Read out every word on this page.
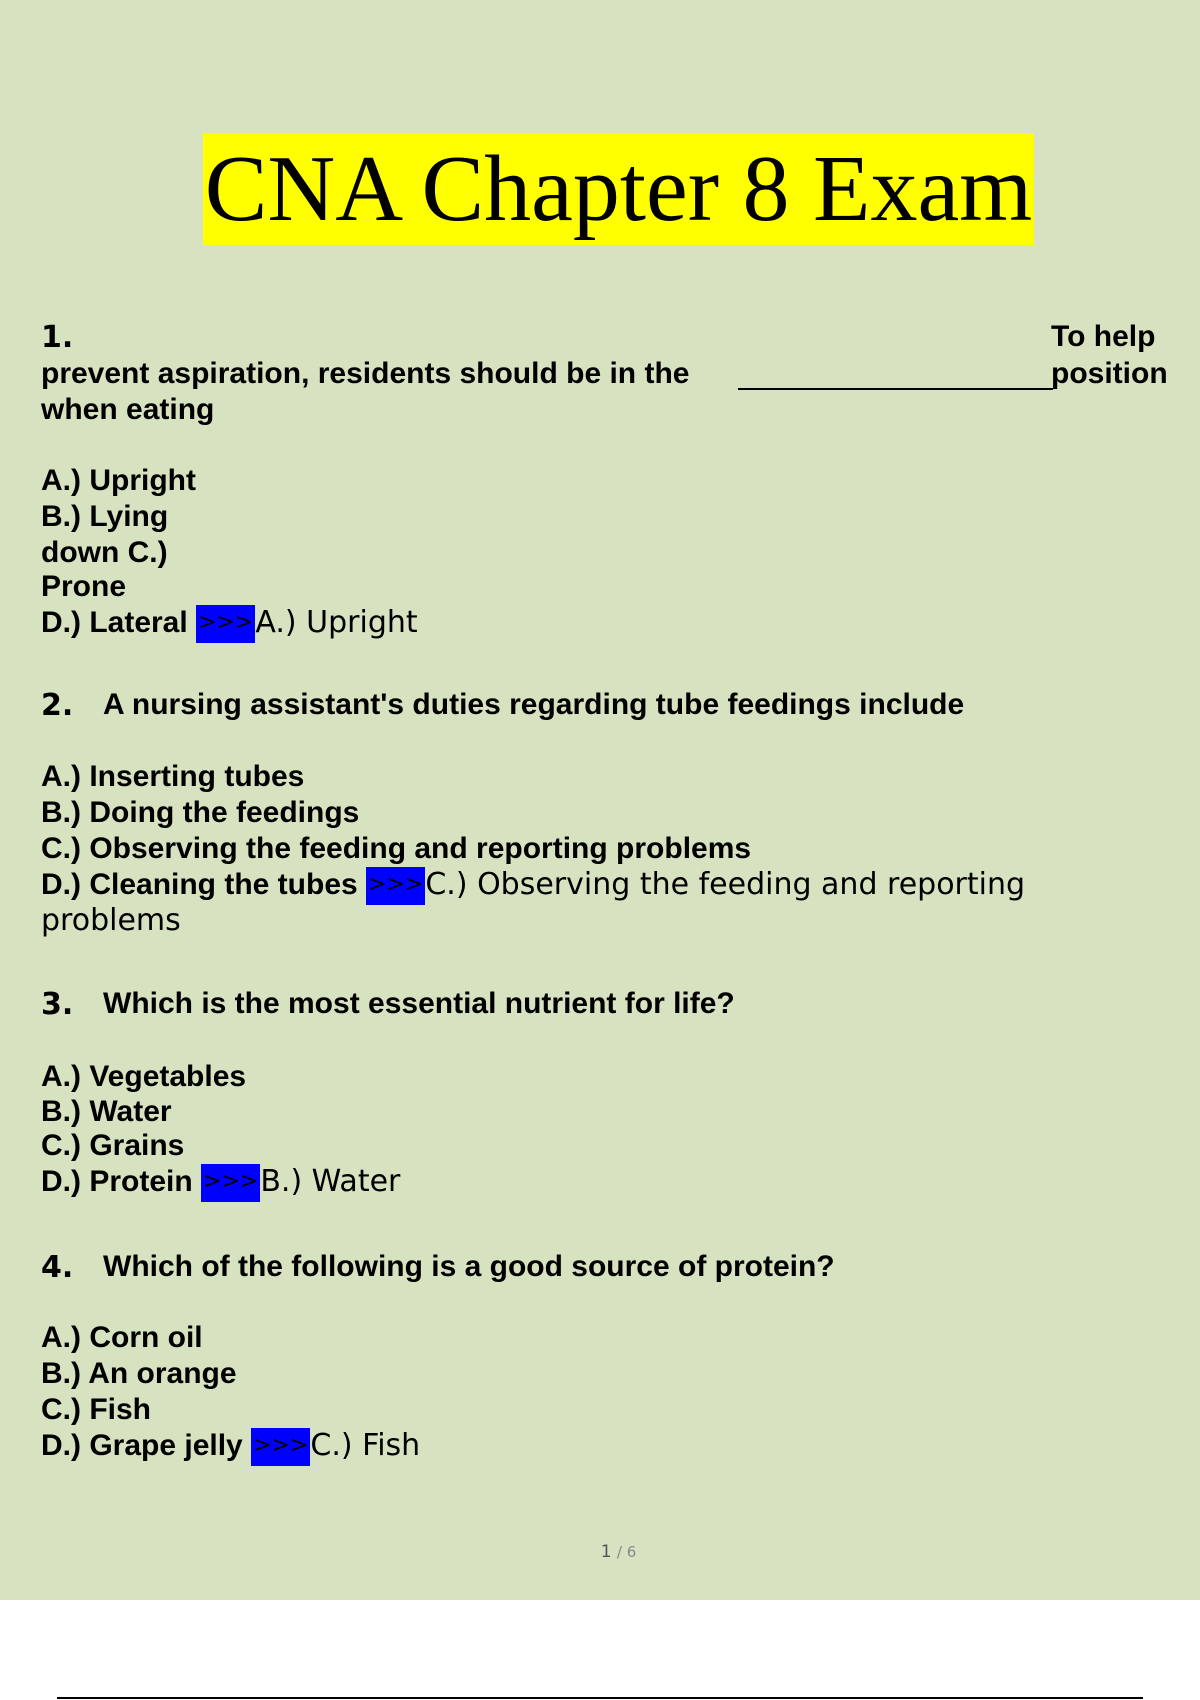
CNA Chapter 8 Exam
1.	To help
prevent aspiration, residents should be in the	position
when eating
A.) Upright
B.) Lying
down C.)
Prone
D.) Lateral >>>A.) Upright
2. A nursing assistant's duties regarding tube feedings include
A.) Inserting tubes
B.) Doing the feedings
C.) Observing the feeding and reporting problems
D.) Cleaning the tubes >>>C.) Observing the feeding and reporting
problems
3. Which is the most essential nutrient for life?
A.) Vegetables
B.) Water
C.) Grains
D.) Protein >>>B.) Water
4. Which of the following is a good source of protein?
A.) Corn oil
B.) An orange
C.) Fish
D.) Grape jelly >>>C.) Fish
1 / 6
